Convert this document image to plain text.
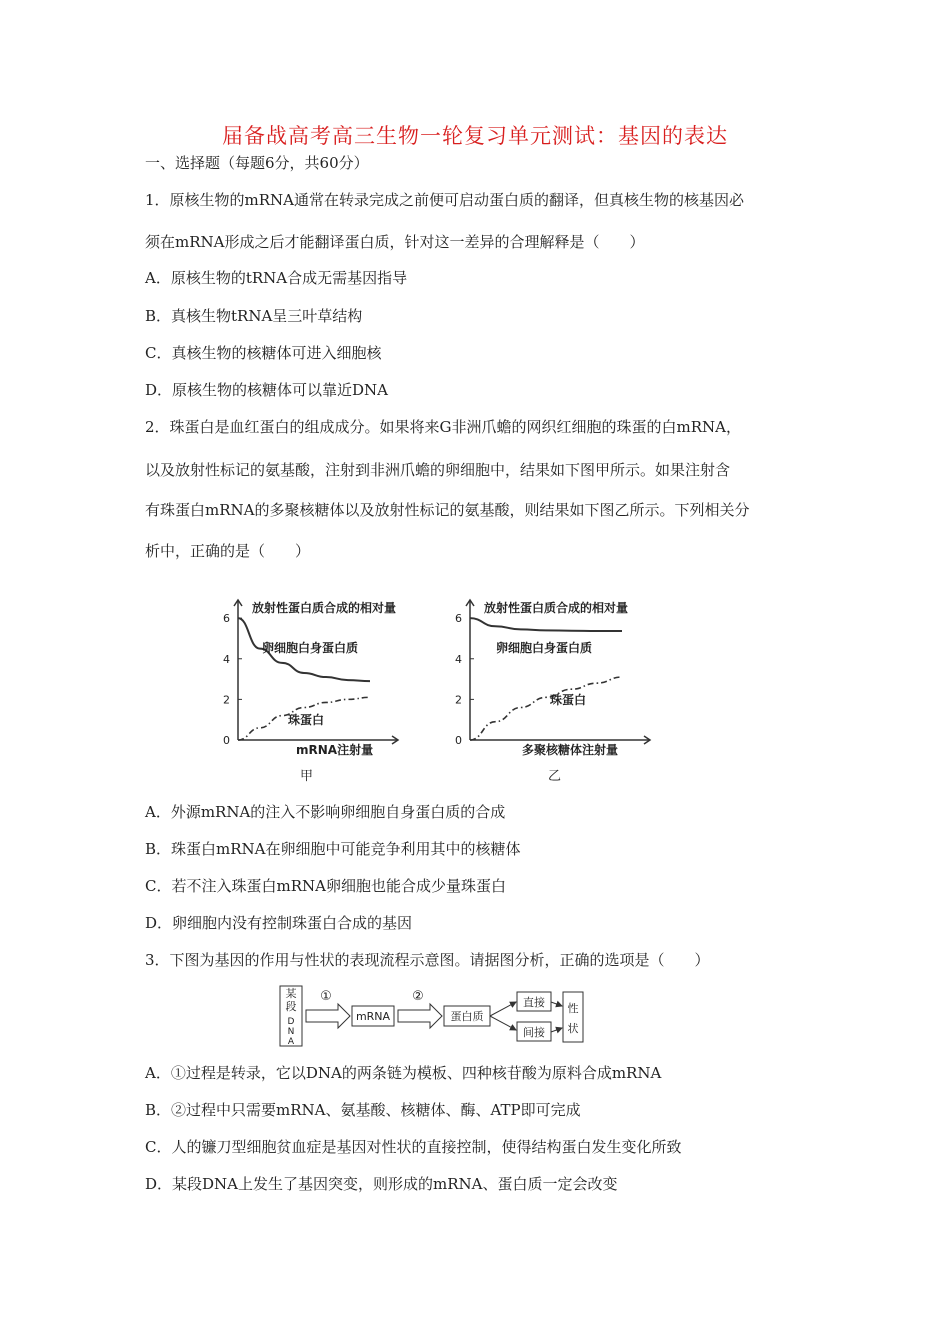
届备战高考高三生物一轮复习单元测试：基因的表达
一、选择题（每题6分，共60分）
1．原核生物的mRNA通常在转录完成之前便可启动蛋白质的翻译，但真核生物的核基因必
须在mRNA形成之后才能翻译蛋白质，针对这一差异的合理解释是（　　）
A．原核生物的tRNA合成无需基因指导
B．真核生物tRNA呈三叶草结构
C．真核生物的核糖体可进入细胞核
D．原核生物的核糖体可以靠近DNA
2．珠蛋白是血红蛋白的组成成分。如果将来G非洲爪蟾的网织红细胞的珠蛋的白mRNA，
以及放射性标记的氨基酸，注射到非洲爪蟾的卵细胞中，结果如下图甲所示。如果注射含
有珠蛋白mRNA的多聚核糖体以及放射性标记的氨基酸，则结果如下图乙所示。下列相关分
析中，正确的是（　　）
0
2
4
6
放射性蛋白质合成的相对量
mRNA注射量
卵细胞白身蛋白质
珠蛋白
甲
0
2
4
6
放射性蛋白质合成的相对量
多聚核糖体注射量
卵细胞白身蛋白质
珠蛋白
乙
A．外源mRNA的注入不影响卵细胞自身蛋白质的合成
B．珠蛋白mRNA在卵细胞中可能竞争利用其中的核糖体
C．若不注入珠蛋白mRNA卵细胞也能合成少量珠蛋白
D．卵细胞内没有控制珠蛋白合成的基因
3．下图为基因的作用与性状的表现流程示意图。请据图分析，正确的选项是（　　）
某
段
D
N
A
①
mRNA
②
蛋白质
直接
间接
性
状
A．①过程是转录，它以DNA的两条链为模板、四种核苷酸为原料合成mRNA
B．②过程中只需要mRNA、氨基酸、核糖体、酶、ATP即可完成
C．人的镰刀型细胞贫血症是基因对性状的直接控制，使得结构蛋白发生变化所致
D．某段DNA上发生了基因突变，则形成的mRNA、蛋白质一定会改变
